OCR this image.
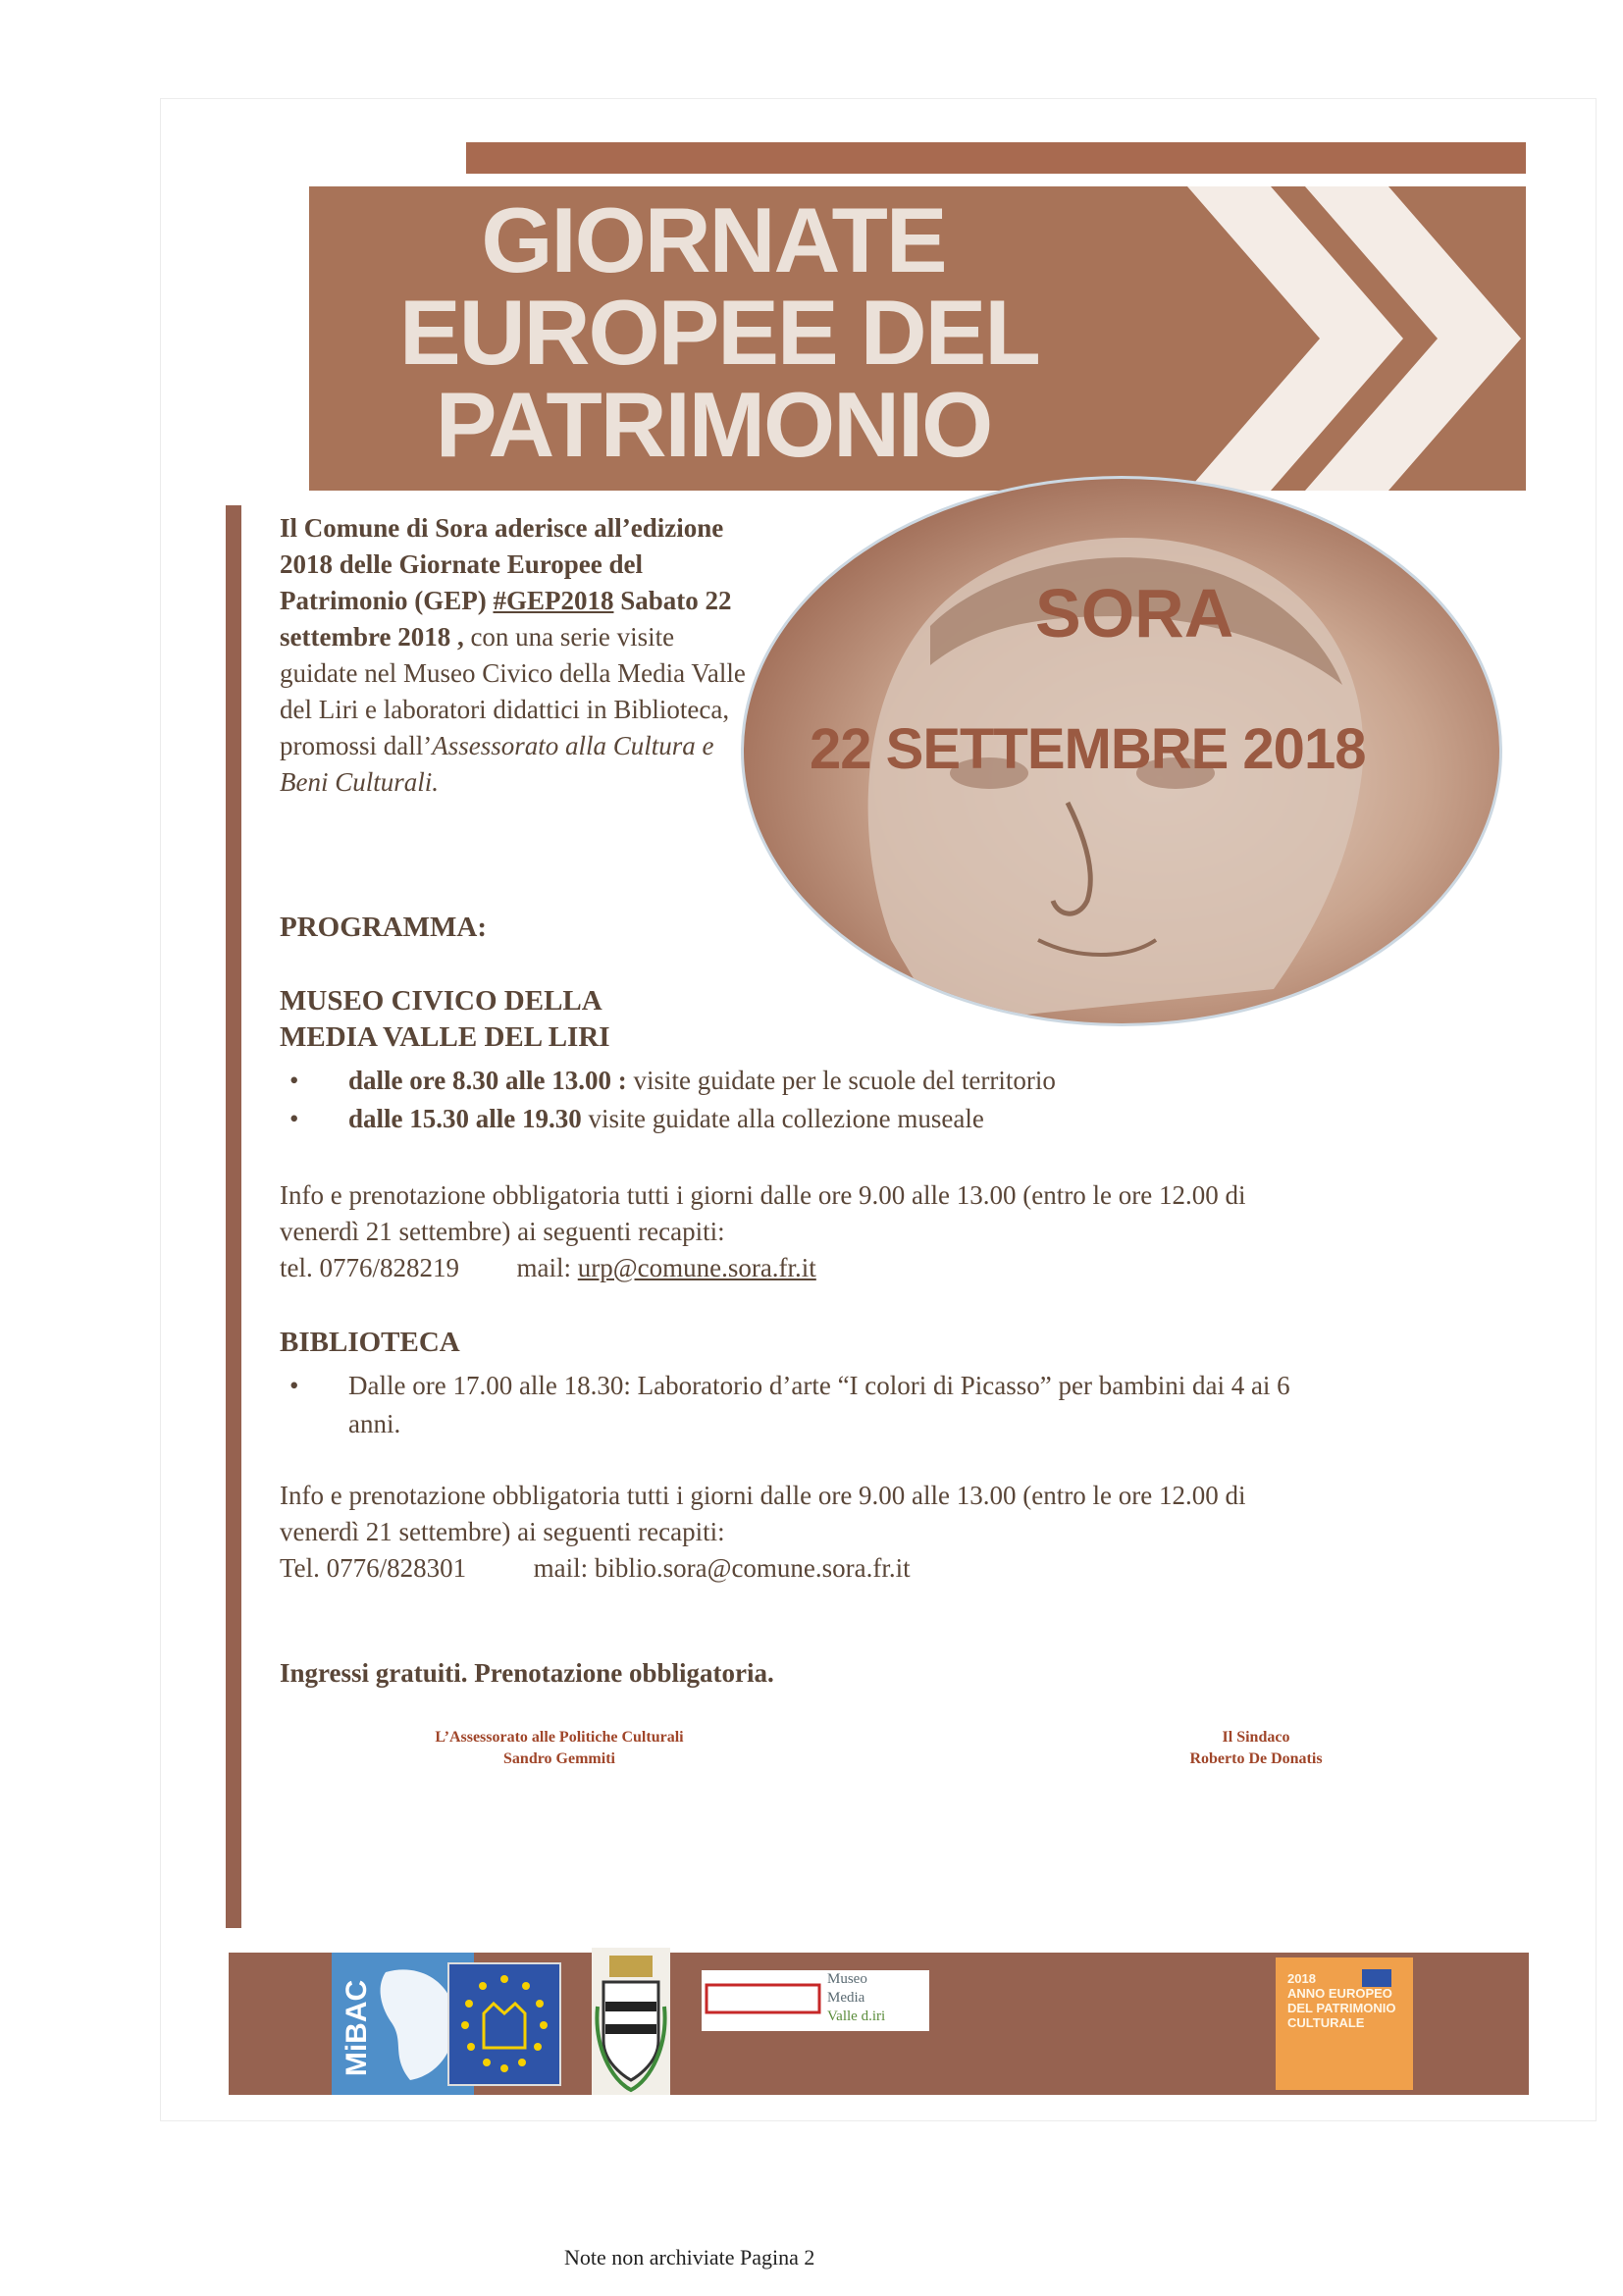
GIORNATE
EUROPEE DEL
PATRIMONIO
SORA
22 SETTEMBRE 2018
Il Comune di Sora aderisce all’edizione 2018 delle Giornate Europee del Patrimonio (GEP) #GEP2018 Sabato 22 settembre 2018 , con una serie visite guidate nel Museo Civico della Media Valle del Liri e laboratori didattici in Biblioteca, promossi dall’Assessorato alla Cultura e Beni Culturali.
PROGRAMMA:
MUSEO CIVICO DELLA
MEDIA VALLE DEL LIRI
• dalle ore 8.30 alle 13.00 : visite guidate per le scuole del territorio
• dalle 15.30 alle 19.30 visite guidate alla collezione museale
Info e prenotazione obbligatoria tutti i giorni dalle ore 9.00 alle 13.00 (entro le ore 12.00 di
venerdì 21 settembre) ai seguenti recapiti:
tel. 0776/828219 mail: urp@comune.sora.fr.it
BIBLIOTECA
• Dalle ore 17.00 alle 18.30: Laboratorio d’arte “I colori di Picasso” per bambini dai 4 ai 6
anni.
Info e prenotazione obbligatoria tutti i giorni dalle ore 9.00 alle 13.00 (entro le ore 12.00 di
venerdì 21 settembre) ai seguenti recapiti:
Tel. 0776/828301	mail: biblio.sora@comune.sora.fr.it
Ingressi gratuiti. Prenotazione obbligatoria.
L’Assessorato alle Politiche Culturali
Sandro Gemmiti
Il Sindaco
Roberto De Donatis
MiBAC
Museo
Media
Valle d.iri
2018
ANNO EUROPEO
DEL PATRIMONIO
CULTURALE
Note non archiviate Pagina 2
